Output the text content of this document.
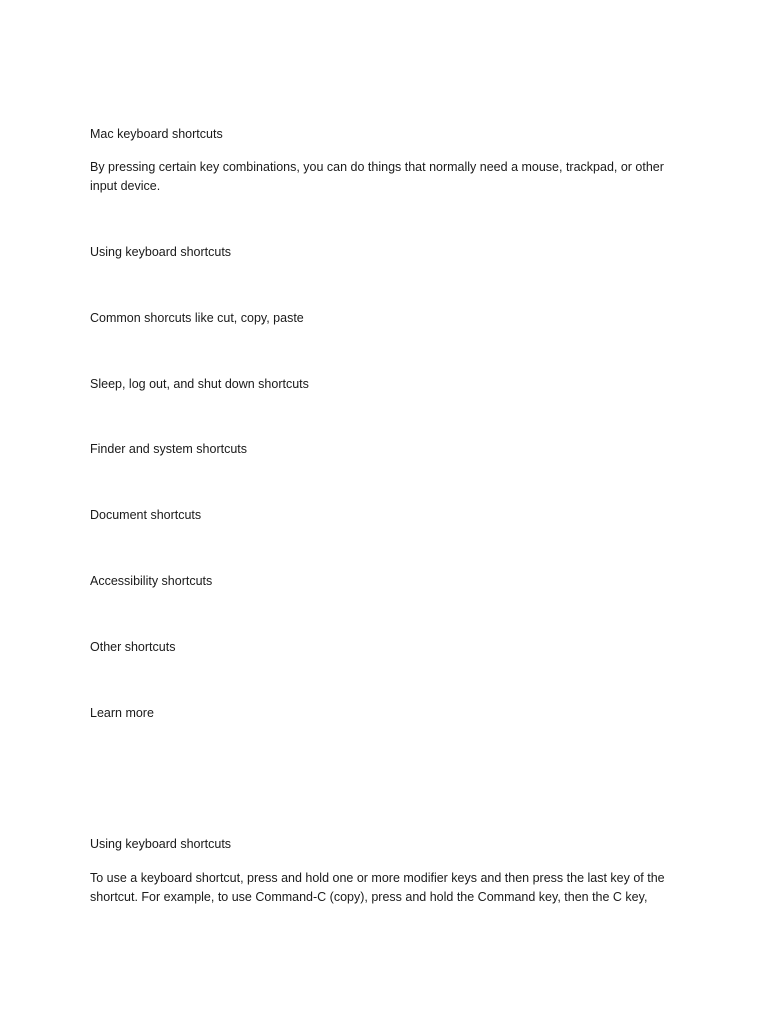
Mac keyboard shortcuts

By pressing certain key combinations, you can do things that normally need a mouse, trackpad, or other input device.

Using keyboard shortcuts

Common shorcuts like cut, copy, paste

Sleep, log out, and shut down shortcuts

Finder and system shortcuts

Document shortcuts

Accessibility shortcuts

Other shortcuts

Learn more

Using keyboard shortcuts

To use a keyboard shortcut, press and hold one or more modifier keys and then press the last key of the shortcut. For example, to use Command-C (copy), press and hold the Command key, then the C key,
